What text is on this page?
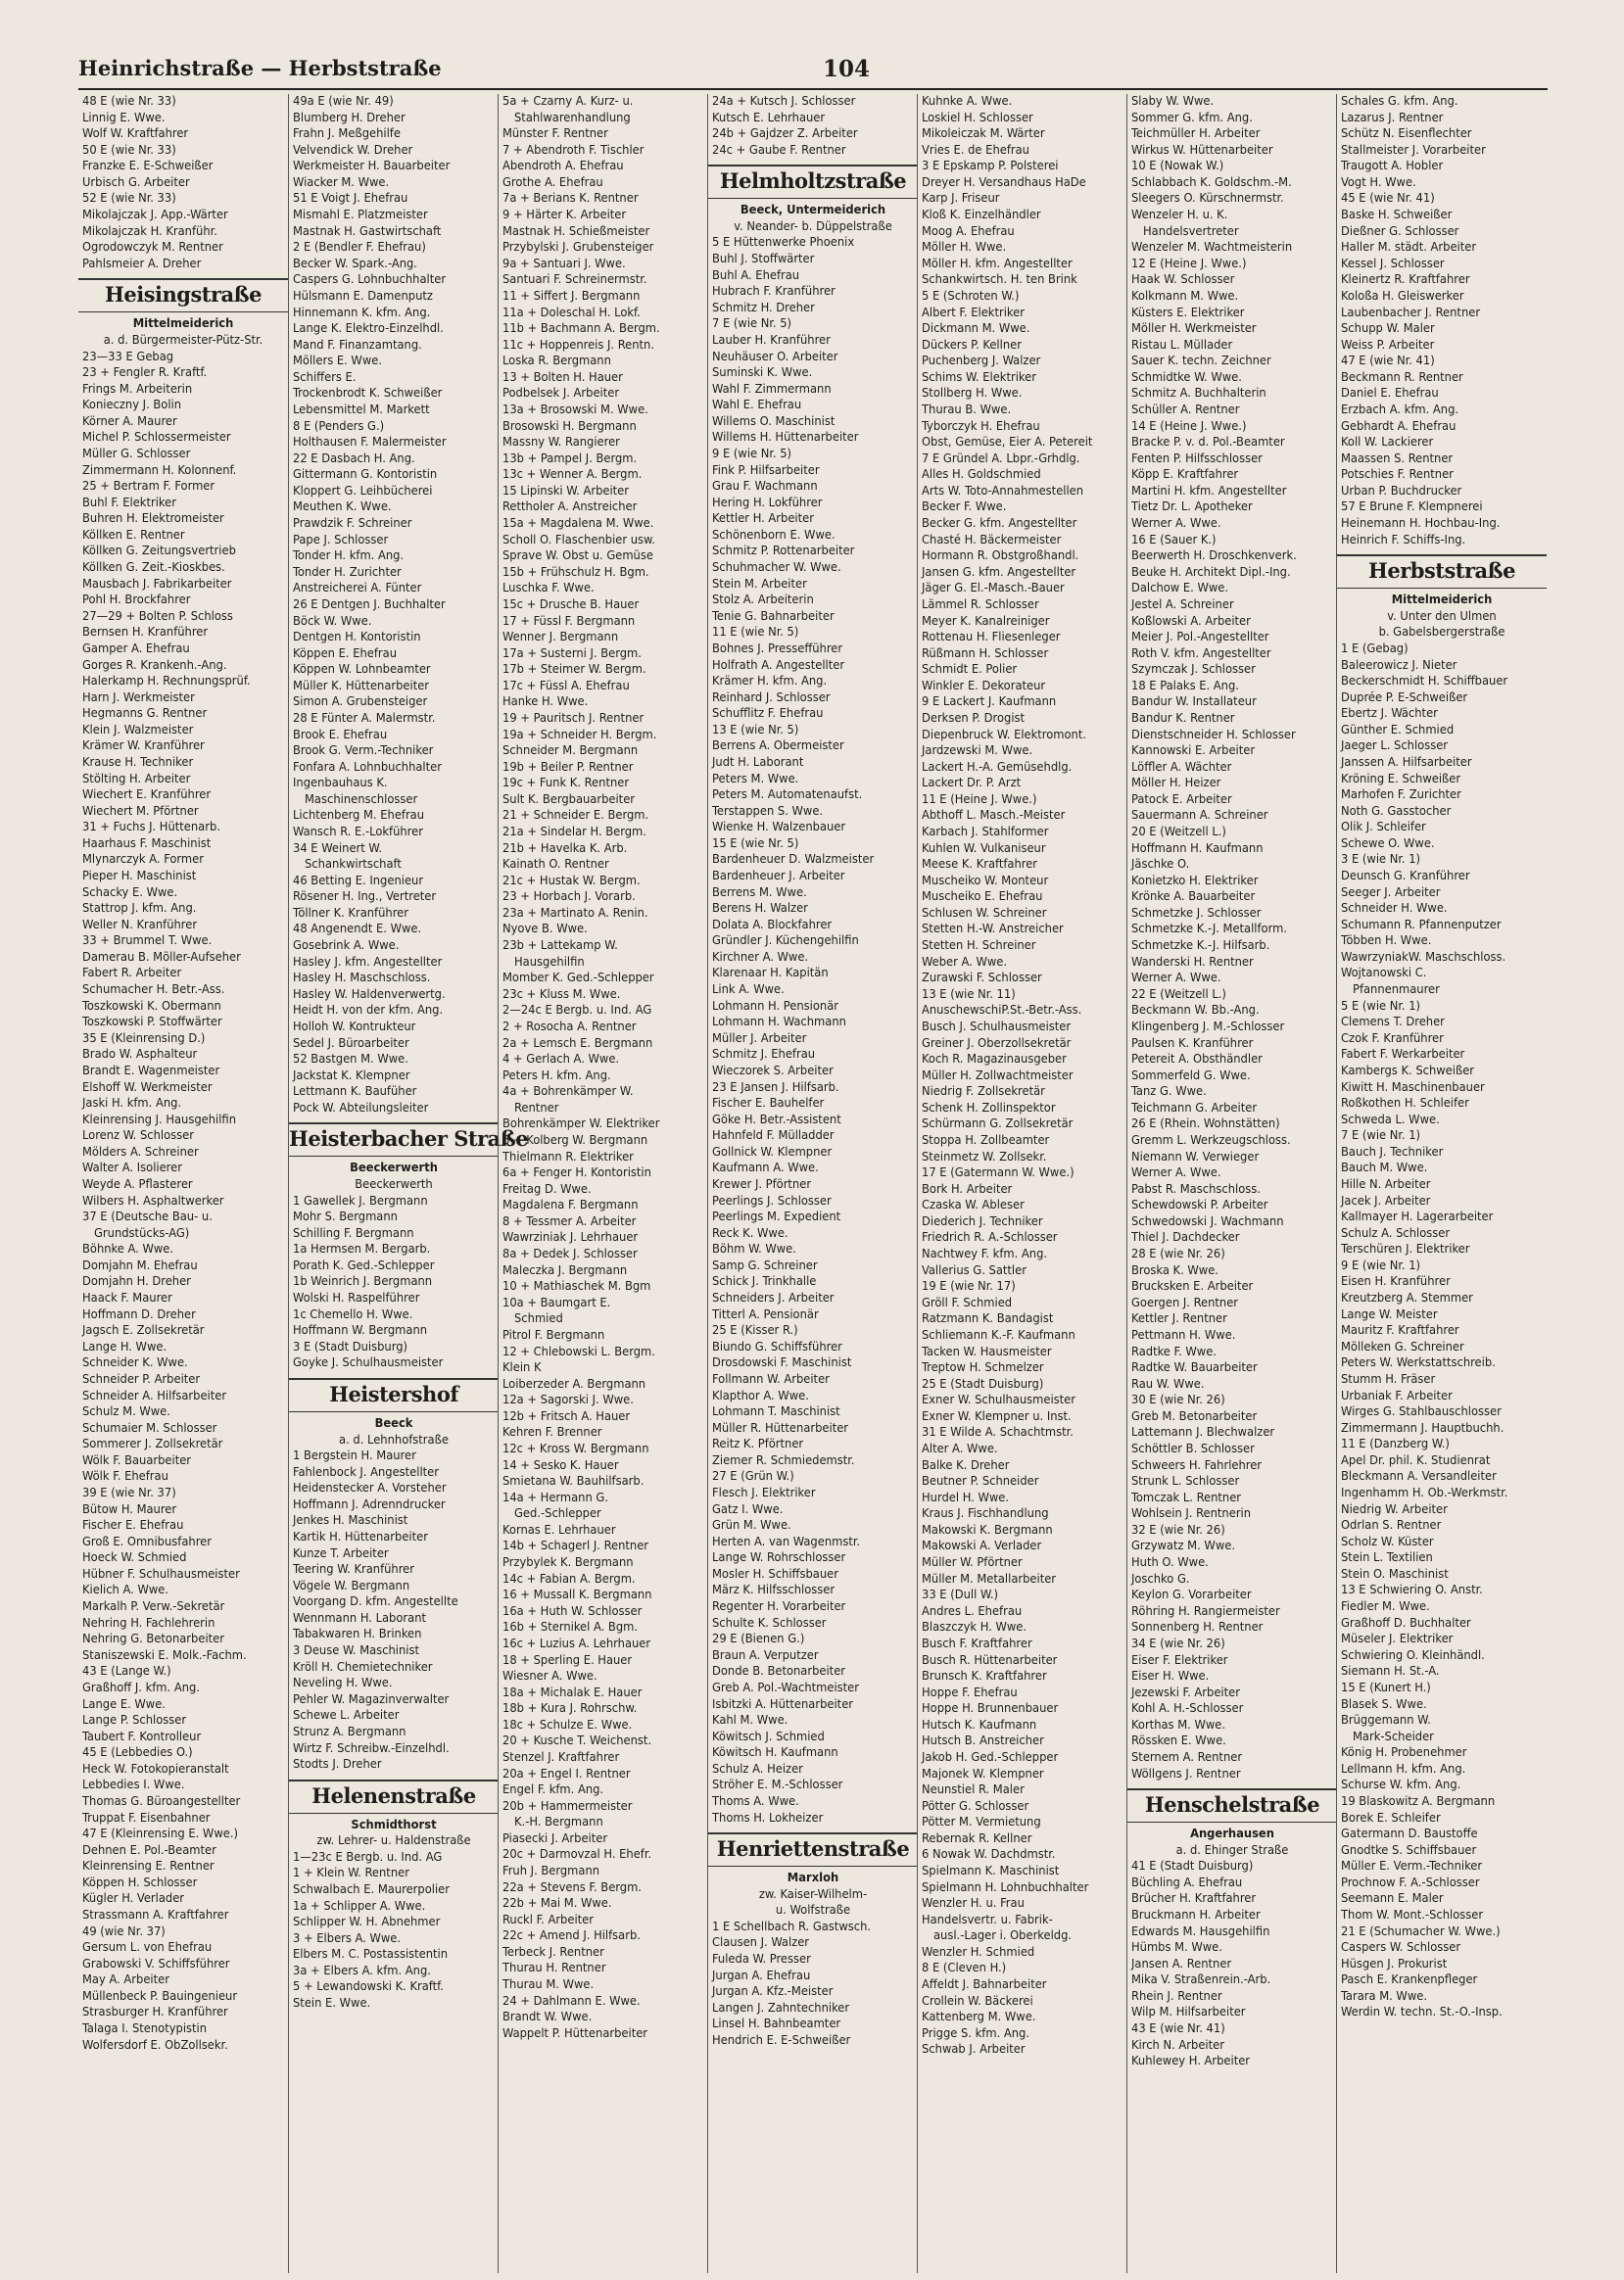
Heinrichstraße — Herbststraße	104
48 E (wie Nr. 33)
Linnig E. Wwe.
Wolf W. Kraftfahrer
50 E (wie Nr. 33)
Franzke E. E-Schweißer
Urbisch G. Arbeiter
52 E (wie Nr. 33)
Mikolajczak J. App.-Wärter
Mikolajczak H. Kranführ.
Ogrodowczyk M. Rentner
Pahlsmeier A. Dreher
Heisingstraße
Mittelmeiderich
a. d. Bürgermeister-Pütz-Str.
23—33 E Gebag
23 + Fengler R. Kraftf.
Frings M. Arbeiterin
Konieczny J. Bolin
Körner A. Maurer
Michel P. Schlossermeister
Müller G. Schlosser
Zimmermann H. Kolonnenf.
25 + Bertram F. Former
Buhl F. Elektriker
Buhren H. Elektromeister
Köllken E. Rentner
Köllken G. Zeitungsvertrieb
Köllken G. Zeit.-Kioskbes.
Mausbach J. Fabrikarbeiter
Pohl H. Brockfahrer
27—29 + Bolten P. Schloss
Bernsen H. Kranführer
Gamper A. Ehefrau
Gorges R. Krankenh.-Ang.
Halerkamp H. Rechnungsprüf.
Harn J. Werkmeister
Hegmanns G. Rentner
Klein J. Walzmeister
Krämer W. Kranführer
Krause H. Techniker
Stölting H. Arbeiter
Wiechert E. Kranführer
Wiechert M. Pförtner
31 + Fuchs J. Hüttenarb.
Haarhaus F. Maschinist
Mlynarczyk A. Former
Pieper H. Maschinist
Schacky E. Wwe.
Stattrop J. kfm. Ang.
Weller N. Kranführer
33 + Brummel T. Wwe.
Damerau B. Möller-Aufseher
Fabert R. Arbeiter
Schumacher H. Betr.-Ass.
Toszkowski K. Obermann
Toszkowski P. Stoffwärter
35 E (Kleinrensing D.)
Brado W. Asphalteur
Brandt E. Wagenmeister
Elshoff W. Werkmeister
Jaski H. kfm. Ang.
Kleinrensing J. Hausgehilfin
Lorenz W. Schlosser
Mölders A. Schreiner
Walter A. Isolierer
Weyde A. Pflasterer
Wilbers H. Asphaltwerker
37 E (Deutsche Bau- u.
Grundstücks-AG)
Böhnke A. Wwe.
Domjahn M. Ehefrau
Domjahn H. Dreher
Haack F. Maurer
Hoffmann D. Dreher
Jagsch E. Zollsekretär
Lange H. Wwe.
Schneider K. Wwe.
Schneider P. Arbeiter
Schneider A. Hilfsarbeiter
Schulz M. Wwe.
Schumaier M. Schlosser
Sommerer J. Zollsekretär
Wölk F. Bauarbeiter
Wölk F. Ehefrau
39 E (wie Nr. 37)
Bütow H. Maurer
Fischer E. Ehefrau
Groß E. Omnibusfahrer
Hoeck W. Schmied
Hübner F. Schulhausmeister
Kielich A. Wwe.
Markalh P. Verw.-Sekretär
Nehring H. Fachlehrerin
Nehring G. Betonarbeiter
Staniszewski E. Molk.-Fachm.
43 E (Lange W.)
Graßhoff J. kfm. Ang.
Lange E. Wwe.
Lange P. Schlosser
Taubert F. Kontrolleur
45 E (Lebbedies O.)
Heck W. Fotokopieranstalt
Lebbedies I. Wwe.
Thomas G. Büroangestellter
Truppat F. Eisenbahner
47 E (Kleinrensing E. Wwe.)
Dehnen E. Pol.-Beamter
Kleinrensing E. Rentner
Köppen H. Schlosser
Kügler H. Verlader
Strassmann A. Kraftfahrer
49 (wie Nr. 37)
Gersum L. von Ehefrau
Grabowski V. Schiffsführer
May A. Arbeiter
Müllenbeck P. Bauingenieur
Strasburger H. Kranführer
Talaga I. Stenotypistin
Wolfersdorf E. ObZollsekr.
49a E (wie Nr. 49)
Blumberg H. Dreher
Frahn J. Meßgehilfe
Velvendick W. Dreher
Werkmeister H. Bauarbeiter
Wiacker M. Wwe.
51 E Voigt J. Ehefrau
Mismahl E. Platzmeister
Mastnak H. Gastwirtschaft
2 E (Bendler F. Ehefrau)
Becker W. Spark.-Ang.
Caspers G. Lohnbuchhalter
Hülsmann E. Damenputz
Hinnemann K. kfm. Ang.
Lange K. Elektro-Einzelhdl.
Mand F. Finanzamtang.
Möllers E. Wwe.
Schiffers E.
Trockenbrodt K. Schweißer
Lebensmittel M. Markett
8 E (Penders G.)
Holthausen F. Malermeister
22 E Dasbach H. Ang.
Gittermann G. Kontoristin
Kloppert G. Leihbücherei
Meuthen K. Wwe.
Prawdzik F. Schreiner
Pape J. Schlosser
Tonder H. kfm. Ang.
Tonder H. Zurichter
Anstreicherei A. Fünter
26 E Dentgen J. Buchhalter
Böck W. Wwe.
Dentgen H. Kontoristin
Köppen E. Ehefrau
Köppen W. Lohnbeamter
Müller K. Hüttenarbeiter
Simon A. Grubensteiger
28 E Fünter A. Malermstr.
Brook E. Ehefrau
Brook G. Verm.-Techniker
Fonfara A. Lohnbuchhalter
Ingenbauhaus K.
Maschinenschlosser
Lichtenberg M. Ehefrau
Wansch R. E.-Lokführer
34 E Weinert W.
Schankwirtschaft
46 Betting E. Ingenieur
Rösener H. Ing., Vertreter
Töllner K. Kranführer
48 Angenendt E. Wwe.
Gosebrink A. Wwe.
Hasley J. kfm. Angestellter
Hasley H. Maschschloss.
Hasley W. Haldenverwertg.
Heidt H. von der kfm. Ang.
Holloh W. Kontrukteur
Sedel J. Büroarbeiter
52 Bastgen M. Wwe.
Jackstat K. Klempner
Lettmann K. Baufüher
Pock W. Abteilungsleiter
Heisterbacher Straße
Beeckerwerth
Beeckerwerth
1 Gawellek J. Bergmann
Mohr S. Bergmann
Schilling F. Bergmann
1a Hermsen M. Bergarb.
Porath K. Ged.-Schlepper
1b Weinrich J. Bergmann
Wolski H. Raspelführer
1c Chemello H. Wwe.
Hoffmann W. Bergmann
3 E (Stadt Duisburg)
Goyke J. Schulhausmeister
Heistershof
Beeck
a. d. Lehnhofstraße
1 Bergstein H. Maurer
Fahlenbock J. Angestellter
Heidenstecker A. Vorsteher
Hoffmann J. Adrenndrucker
Jenkes H. Maschinist
Kartik H. Hüttenarbeiter
Kunze T. Arbeiter
Teering W. Kranführer
Vögele W. Bergmann
Voorgang D. kfm. Angestellte
Wennmann H. Laborant
Tabakwaren H. Brinken
3 Deuse W. Maschinist
Kröll H. Chemietechniker
Neveling H. Wwe.
Pehler W. Magazinverwalter
Schewe L. Arbeiter
Strunz A. Bergmann
Wirtz F. Schreibw.-Einzelhdl.
Stodts J. Dreher
Helenenstraße
Schmidthorst
zw. Lehrer- u. Haldenstraße
1—23c E Bergb. u. Ind. AG
1 + Klein W. Rentner
Schwalbach E. Maurerpolier
1a + Schlipper A. Wwe.
Schlipper W. H. Abnehmer
3 + Elbers A. Wwe.
Elbers M. C. Postassistentin
3a + Elbers A. kfm. Ang.
5 + Lewandowski K. Kraftf.
Stein E. Wwe.
5a + Czarny A. Kurz- u.
Stahlwarenhandlung
Münster F. Rentner
7 + Abendroth F. Tischler
Abendroth A. Ehefrau
Grothe A. Ehefrau
7a + Berians K. Rentner
9 + Härter K. Arbeiter
Mastnak H. Schießmeister
Przybylski J. Grubensteiger
9a + Santuari J. Wwe.
Santuari F. Schreinermstr.
11 + Siffert J. Bergmann
11a + Doleschal H. Lokf.
11b + Bachmann A. Bergm.
11c + Hoppenreis J. Rentn.
Loska R. Bergmann
13 + Bolten H. Hauer
Podbelsek J. Arbeiter
13a + Brosowski M. Wwe.
Brosowski H. Bergmann
Massny W. Rangierer
13b + Pampel J. Bergm.
13c + Wenner A. Bergm.
15 Lipinski W. Arbeiter
Rettholer A. Anstreicher
15a + Magdalena M. Wwe.
Scholl O. Flaschenbier usw.
Sprave W. Obst u. Gemüse
15b + Frühschulz H. Bgm.
Luschka F. Wwe.
15c + Drusche B. Hauer
17 + Füssl F. Bergmann
Wenner J. Bergmann
17a + Susterni J. Bergm.
17b + Steimer W. Bergm.
17c + Füssl A. Ehefrau
Hanke H. Wwe.
19 + Pauritsch J. Rentner
19a + Schneider H. Bergm.
Schneider M. Bergmann
19b + Beiler P. Rentner
19c + Funk K. Rentner
Sult K. Bergbauarbeiter
21 + Schneider E. Bergm.
21a + Sindelar H. Bergm.
21b + Havelka K. Arb.
Kainath O. Rentner
21c + Hustak W. Bergm.
23 + Horbach J. Vorarb.
23a + Martinato A. Renin.
Nyove B. Wwe.
23b + Lattekamp W.
Hausgehilfin
Momber K. Ged.-Schlepper
23c + Kluss M. Wwe.
2—24c E Bergb. u. Ind. AG
2 + Rosocha A. Rentner
2a + Lemsch E. Bergmann
4 + Gerlach A. Wwe.
Peters H. kfm. Ang.
4a + Bohrenkämper W.
Rentner
Bohrenkämper W. Elektriker
6 + Kolberg W. Bergmann
Thielmann R. Elektriker
6a + Fenger H. Kontoristin
Freitag D. Wwe.
Magdalena F. Bergmann
8 + Tessmer A. Arbeiter
Wawrziniak J. Lehrhauer
8a + Dedek J. Schlosser
Maleczka J. Bergmann
10 + Mathiaschek M. Bgm
10a + Baumgart E.
Schmied
Pitrol F. Bergmann
12 + Chlebowski L. Bergm.
Klein K
Loiberzeder A. Bergmann
12a + Sagorski J. Wwe.
12b + Fritsch A. Hauer
Kehren F. Brenner
12c + Kross W. Bergmann
14 + Sesko K. Hauer
Smietana W. Bauhilfsarb.
14a + Hermann G.
Ged.-Schlepper
Kornas E. Lehrhauer
14b + Schagerl J. Rentner
Przybylek K. Bergmann
14c + Fabian A. Bergm.
16 + Mussall K. Bergmann
16a + Huth W. Schlosser
16b + Sternikel A. Bgm.
16c + Luzius A. Lehrhauer
18 + Sperling E. Hauer
Wiesner A. Wwe.
18a + Michalak E. Hauer
18b + Kura J. Rohrschw.
18c + Schulze E. Wwe.
20 + Kusche T. Weichenst.
Stenzel J. Kraftfahrer
20a + Engel I. Rentner
Engel F. kfm. Ang.
20b + Hammermeister
K.-H. Bergmann
Piasecki J. Arbeiter
20c + Darmovzal H. Ehefr.
Fruh J. Bergmann
22a + Stevens F. Bergm.
22b + Mai M. Wwe.
Ruckl F. Arbeiter
22c + Amend J. Hilfsarb.
Terbeck J. Rentner
Thurau H. Rentner
Thurau M. Wwe.
24 + Dahlmann E. Wwe.
Brandt W. Wwe.
Wappelt P. Hüttenarbeiter
24a + Kutsch J. Schlosser
Kutsch E. Lehrhauer
24b + Gajdzer Z. Arbeiter
24c + Gaube F. Rentner
Helmholtzstraße
Beeck, Untermeiderich
v. Neander- b. Düppelstraße
5 E Hüttenwerke Phoenix
Buhl J. Stoffwärter
Buhl A. Ehefrau
Hubrach F. Kranführer
Schmitz H. Dreher
7 E (wie Nr. 5)
Lauber H. Kranführer
Neuhäuser O. Arbeiter
Suminski K. Wwe.
Wahl F. Zimmermann
Wahl E. Ehefrau
Willems O. Maschinist
Willems H. Hüttenarbeiter
9 E (wie Nr. 5)
Fink P. Hilfsarbeiter
Grau F. Wachmann
Hering H. Lokführer
Kettler H. Arbeiter
Schönenborn E. Wwe.
Schmitz P. Rottenarbeiter
Schuhmacher W. Wwe.
Stein M. Arbeiter
Stolz A. Arbeiterin
Tenie G. Bahnarbeiter
11 E (wie Nr. 5)
Bohnes J. Pressefführer
Holfrath A. Angestellter
Krämer H. kfm. Ang.
Reinhard J. Schlosser
Schufflitz F. Ehefrau
13 E (wie Nr. 5)
Berrens A. Obermeister
Judt H. Laborant
Peters M. Wwe.
Peters M. Automatenaufst.
Terstappen S. Wwe.
Wienke H. Walzenbauer
15 E (wie Nr. 5)
Bardenheuer D. Walzmeister
Bardenheuer J. Arbeiter
Berrens M. Wwe.
Berens H. Walzer
Dolata A. Blockfahrer
Gründler J. Küchengehilfin
Kirchner A. Wwe.
Klarenaar H. Kapitän
Link A. Wwe.
Lohmann H. Pensionär
Lohmann H. Wachmann
Müller J. Arbeiter
Schmitz J. Ehefrau
Wieczorek S. Arbeiter
23 E Jansen J. Hilfsarb.
Fischer E. Bauhelfer
Göke H. Betr.-Assistent
Hahnfeld F. Mülladder
Gollnick W. Klempner
Kaufmann A. Wwe.
Krewer J. Pförtner
Peerlings J. Schlosser
Peerlings M. Expedient
Reck K. Wwe.
Böhm W. Wwe.
Samp G. Schreiner
Schick J. Trinkhalle
Schneiders J. Arbeiter
Titterl A. Pensionär
25 E (Kisser R.)
Biundo G. Schiffsführer
Drosdowski F. Maschinist
Follmann W. Arbeiter
Klapthor A. Wwe.
Lohmann T. Maschinist
Müller R. Hüttenarbeiter
Reitz K. Pförtner
Ziemer R. Schmiedemstr.
27 E (Grün W.)
Flesch J. Elektriker
Gatz I. Wwe.
Grün M. Wwe.
Herten A. van Wagenmstr.
Lange W. Rohrschlosser
Mosler H. Schiffsbauer
März K. Hilfsschlosser
Regenter H. Vorarbeiter
Schulte K. Schlosser
29 E (Bienen G.)
Braun A. Verputzer
Donde B. Betonarbeiter
Greb A. Pol.-Wachtmeister
Isbitzki A. Hüttenarbeiter
Kahl M. Wwe.
Köwitsch J. Schmied
Köwitsch H. Kaufmann
Schulz A. Heizer
Ströher E. M.-Schlosser
Thoms A. Wwe.
Thoms H. Lokheizer
Henriettenstraße
Marxloh
zw. Kaiser-Wilhelm-
u. Wolfstraße
1 E Schellbach R. Gastwsch.
Clausen J. Walzer
Fuleda W. Presser
Jurgan A. Ehefrau
Jurgan A. Kfz.-Meister
Langen J. Zahntechniker
Linsel H. Bahnbeamter
Hendrich E. E-Schweißer
Kuhnke A. Wwe.
Loskiel H. Schlosser
Mikoleiczak M. Wärter
Vries E. de Ehefrau
3 E Epskamp P. Polsterei
Dreyer H. Versandhaus HaDe
Karp J. Friseur
Kloß K. Einzelhändler
Moog A. Ehefrau
Möller H. Wwe.
Möller H. kfm. Angestellter
Schankwirtsch. H. ten Brink
5 E (Schroten W.)
Albert F. Elektriker
Dickmann M. Wwe.
Dückers P. Kellner
Puchenberg J. Walzer
Schims W. Elektriker
Stollberg H. Wwe.
Thurau B. Wwe.
Tyborczyk H. Ehefrau
Obst, Gemüse, Eier A. Petereit
7 E Gründel A. Lbpr.-Grhdlg.
Alles H. Goldschmied
Arts W. Toto-Annahmestellen
Becker F. Wwe.
Becker G. kfm. Angestellter
Chasté H. Bäckermeister
Hormann R. Obstgroßhandl.
Jansen G. kfm. Angestellter
Jäger G. El.-Masch.-Bauer
Lämmel R. Schlosser
Meyer K. Kanalreiniger
Rottenau H. Fliesenleger
Rüßmann H. Schlosser
Schmidt E. Polier
Winkler E. Dekorateur
9 E Lackert J. Kaufmann
Derksen P. Drogist
Diepenbruck W. Elektromont.
Jardzewski M. Wwe.
Lackert H.-A. Gemüsehdlg.
Lackert Dr. P. Arzt
11 E (Heine J. Wwe.)
Abthoff L. Masch.-Meister
Karbach J. Stahlformer
Kuhlen W. Vulkaniseur
Meese K. Kraftfahrer
Muscheiko W. Monteur
Muscheiko E. Ehefrau
Schlusen W. Schreiner
Stetten H.-W. Anstreicher
Stetten H. Schreiner
Weber A. Wwe.
Zurawski F. Schlosser
13 E (wie Nr. 11)
AnuschewschiP.St.-Betr.-Ass.
Busch J. Schulhausmeister
Greiner J. Oberzollsekretär
Koch R. Magazinausgeber
Müller H. Zollwachtmeister
Niedrig F. Zollsekretär
Schenk H. Zollinspektor
Schürmann G. Zollsekretär
Stoppa H. Zollbeamter
Steinmetz W. Zollsekr.
17 E (Gatermann W. Wwe.)
Bork H. Arbeiter
Czaska W. Ableser
Diederich J. Techniker
Friedrich R. A.-Schlosser
Nachtwey F. kfm. Ang.
Vallerius G. Sattler
19 E (wie Nr. 17)
Gröll F. Schmied
Ratzmann K. Bandagist
Schliemann K.-F. Kaufmann
Tacken W. Hausmeister
Treptow H. Schmelzer
25 E (Stadt Duisburg)
Exner W. Schulhausmeister
Exner W. Klempner u. Inst.
31 E Wilde A. Schachtmstr.
Alter A. Wwe.
Balke K. Dreher
Beutner P. Schneider
Hurdel H. Wwe.
Kraus J. Fischhandlung
Makowski K. Bergmann
Makowski A. Verlader
Müller W. Pförtner
Müller M. Metallarbeiter
33 E (Dull W.)
Andres L. Ehefrau
Blaszczyk H. Wwe.
Busch F. Kraftfahrer
Busch R. Hüttenarbeiter
Brunsch K. Kraftfahrer
Hoppe F. Ehefrau
Hoppe H. Brunnenbauer
Hutsch K. Kaufmann
Hutsch B. Anstreicher
Jakob H. Ged.-Schlepper
Majonek W. Klempner
Neunstiel R. Maler
Pötter G. Schlosser
Pötter M. Vermietung
Rebernak R. Kellner
6 Nowak W. Dachdmstr.
Spielmann K. Maschinist
Spielmann H. Lohnbuchhalter
Wenzler H. u. Frau
Handelsvertr. u. Fabrik-
ausl.-Lager i. Oberkeldg.
Wenzler H. Schmied
8 E (Cleven H.)
Affeldt J. Bahnarbeiter
Crollein W. Bäckerei
Kattenberg M. Wwe.
Prigge S. kfm. Ang.
Schwab J. Arbeiter
Slaby W. Wwe.
Sommer G. kfm. Ang.
Teichmüller H. Arbeiter
Wirkus W. Hüttenarbeiter
10 E (Nowak W.)
Schlabbach K. Goldschm.-M.
Sleegers O. Kürschnermstr.
Wenzeler H. u. K.
Handelsvertreter
Wenzeler M. Wachtmeisterin
12 E (Heine J. Wwe.)
Haak W. Schlosser
Kolkmann M. Wwe.
Küsters E. Elektriker
Möller H. Werkmeister
Ristau L. Müllader
Sauer K. techn. Zeichner
Schmidtke W. Wwe.
Schmitz A. Buchhalterin
Schüller A. Rentner
14 E (Heine J. Wwe.)
Bracke P. v. d. Pol.-Beamter
Fenten P. Hilfsschlosser
Köpp E. Kraftfahrer
Martini H. kfm. Angestellter
Tietz Dr. L. Apotheker
Werner A. Wwe.
16 E (Sauer K.)
Beerwerth H. Droschkenverk.
Beuke H. Architekt Dipl.-Ing.
Dalchow E. Wwe.
Jestel A. Schreiner
Koßlowski A. Arbeiter
Meier J. Pol.-Angestellter
Roth V. kfm. Angestellter
Szymczak J. Schlosser
18 E Palaks E. Ang.
Bandur W. Installateur
Bandur K. Rentner
Dienstschneider H. Schlosser
Kannowski E. Arbeiter
Löffler A. Wächter
Möller H. Heizer
Patock E. Arbeiter
Sauermann A. Schreiner
20 E (Weitzell L.)
Hoffmann H. Kaufmann
Jäschke O.
Konietzko H. Elektriker
Krönke A. Bauarbeiter
Schmetzke J. Schlosser
Schmetzke K.-J. Metallform.
Schmetzke K.-J. Hilfsarb.
Wanderski H. Rentner
Werner A. Wwe.
22 E (Weitzell L.)
Beckmann W. Bb.-Ang.
Klingenberg J. M.-Schlosser
Paulsen K. Kranführer
Petereit A. Obsthändler
Sommerfeld G. Wwe.
Tanz G. Wwe.
Teichmann G. Arbeiter
26 E (Rhein. Wohnstätten)
Gremm L. Werkzeugschloss.
Niemann W. Verwieger
Werner A. Wwe.
Pabst R. Maschschloss.
Schewdowski P. Arbeiter
Schwedowski J. Wachmann
Thiel J. Dachdecker
28 E (wie Nr. 26)
Broska K. Wwe.
Brucksken E. Arbeiter
Goergen J. Rentner
Kettler J. Rentner
Pettmann H. Wwe.
Radtke F. Wwe.
Radtke W. Bauarbeiter
Rau W. Wwe.
30 E (wie Nr. 26)
Greb M. Betonarbeiter
Lattemann J. Blechwalzer
Schöttler B. Schlosser
Schweers H. Fahrlehrer
Strunk L. Schlosser
Tomczak L. Rentner
Wohlsein J. Rentnerin
32 E (wie Nr. 26)
Grzywatz M. Wwe.
Huth O. Wwe.
Joschko G.
Keylon G. Vorarbeiter
Röhring H. Rangiermeister
Sonnenberg H. Rentner
34 E (wie Nr. 26)
Eiser F. Elektriker
Eiser H. Wwe.
Jezewski F. Arbeiter
Kohl A. H.-Schlosser
Korthas M. Wwe.
Rössken E. Wwe.
Sternem A. Rentner
Wöllgens J. Rentner
Henschelstraße
Angerhausen
a. d. Ehinger Straße
41 E (Stadt Duisburg)
Büchling A. Ehefrau
Brücher H. Kraftfahrer
Bruckmann H. Arbeiter
Edwards M. Hausgehilfin
Hümbs M. Wwe.
Jansen A. Rentner
Mika V. Straßenrein.-Arb.
Rhein J. Rentner
Wilp M. Hilfsarbeiter
43 E (wie Nr. 41)
Kirch N. Arbeiter
Kuhlewey H. Arbeiter
Schales G. kfm. Ang.
Lazarus J. Rentner
Schütz N. Eisenflechter
Stallmeister J. Vorarbeiter
Traugott A. Hobler
Vogt H. Wwe.
45 E (wie Nr. 41)
Baske H. Schweißer
Dießner G. Schlosser
Haller M. städt. Arbeiter
Kessel J. Schlosser
Kleinertz R. Kraftfahrer
Koloßa H. Gleiswerker
Laubenbacher J. Rentner
Schupp W. Maler
Weiss P. Arbeiter
47 E (wie Nr. 41)
Beckmann R. Rentner
Daniel E. Ehefrau
Erzbach A. kfm. Ang.
Gebhardt A. Ehefrau
Koll W. Lackierer
Maassen S. Rentner
Potschies F. Rentner
Urban P. Buchdrucker
57 E Brune F. Klempnerei
Heinemann H. Hochbau-Ing.
Heinrich F. Schiffs-Ing.
Herbststraße
Mittelmeiderich
v. Unter den Ulmen
b. Gabelsbergerstraße
1 E (Gebag)
Baleerowicz J. Nieter
Beckerschmidt H. Schiffbauer
Duprée P. E-Schweißer
Ebertz J. Wächter
Günther E. Schmied
Jaeger L. Schlosser
Janssen A. Hilfsarbeiter
Kröning E. Schweißer
Marhofen F. Zurichter
Noth G. Gasstocher
Olik J. Schleifer
Schewe O. Wwe.
3 E (wie Nr. 1)
Deunsch G. Kranführer
Seeger J. Arbeiter
Schneider H. Wwe.
Schumann R. Pfannenputzer
Többen H. Wwe.
WawrzyniakW. Maschschloss.
Wojtanowski C.
Pfannenmaurer
5 E (wie Nr. 1)
Clemens T. Dreher
Czok F. Kranführer
Fabert F. Werkarbeiter
Kambergs K. Schweißer
Kiwitt H. Maschinenbauer
Roßkothen H. Schleifer
Schweda L. Wwe.
7 E (wie Nr. 1)
Bauch J. Techniker
Bauch M. Wwe.
Hille N. Arbeiter
Jacek J. Arbeiter
Kallmayer H. Lagerarbeiter
Schulz A. Schlosser
Terschüren J. Elektriker
9 E (wie Nr. 1)
Eisen H. Kranführer
Kreutzberg A. Stemmer
Lange W. Meister
Mauritz F. Kraftfahrer
Mölleken G. Schreiner
Peters W. Werkstattschreib.
Stumm H. Fräser
Urbaniak F. Arbeiter
Wirges G. Stahlbauschlosser
Zimmermann J. Hauptbuchh.
11 E (Danzberg W.)
Apel Dr. phil. K. Studienrat
Bleckmann A. Versandleiter
Ingenhamm H. Ob.-Werkmstr.
Niedrig W. Arbeiter
Odrlan S. Rentner
Scholz W. Küster
Stein L. Textilien
Stein O. Maschinist
13 E Schwiering O. Anstr.
Fiedler M. Wwe.
Graßhoff D. Buchhalter
Müseler J. Elektriker
Schwiering O. Kleinhändl.
Siemann H. St.-A.
15 E (Kunert H.)
Blasek S. Wwe.
Brüggemann W.
Mark-Scheider
König H. Probenehmer
Lellmann H. kfm. Ang.
Schurse W. kfm. Ang.
19 Blaskowitz A. Bergmann
Borek E. Schleifer
Gatermann D. Baustoffe
Gnodtke S. Schiffsbauer
Müller E. Verm.-Techniker
Prochnow F. A.-Schlosser
Seemann E. Maler
Thom W. Mont.-Schlosser
21 E (Schumacher W. Wwe.)
Caspers W. Schlosser
Hüsgen J. Prokurist
Pasch E. Krankenpfleger
Tarara M. Wwe.
Werdin W. techn. St.-O.-Insp.
